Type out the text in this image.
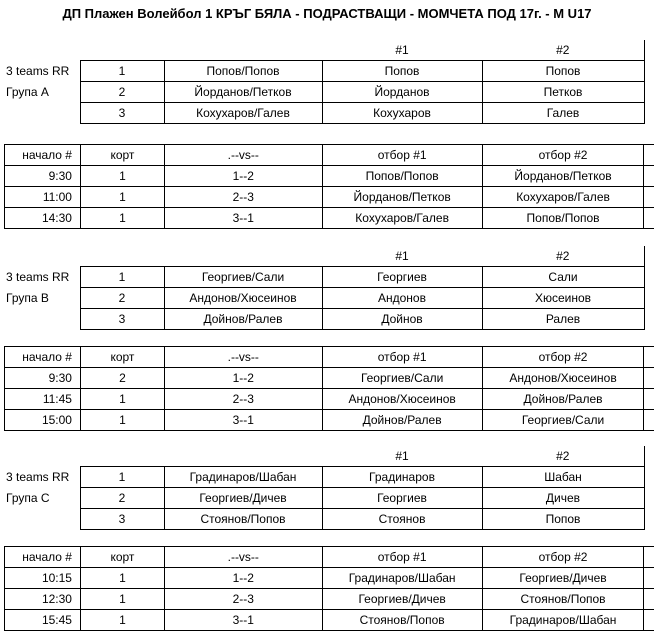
ДП Плажен Волейбол 1 КРЪГ БЯЛА - ПОДРАСТВАЩИ - МОМЧЕТА ПОД 17г. - М U17
			#1	#2	
3 teams RR	1	Попов/Попов	Попов	Попов	
Група А	2	Йорданов/Петков	Йорданов	Петков	
	3	Кохухаров/Галев	Кохухаров	Галев	
начало #	корт	.--vs--	отбор #1	отбор #2	
9:30	1	1--2	Попов/Попов	Йорданов/Петков	
11:00	1	2--3	Йорданов/Петков	Кохухаров/Галев	
14:30	1	3--1	Кохухаров/Галев	Попов/Попов	
			#1	#2	
3 teams RR	1	Георгиев/Сали	Георгиев	Сали	
Група B	2	Андонов/Хюсеинов	Андонов	Хюсеинов	
	3	Дойнов/Ралев	Дойнов	Ралев	
начало #	корт	.--vs--	отбор #1	отбор #2	
9:30	2	1--2	Георгиев/Сали	Андонов/Хюсеинов	
11:45	1	2--3	Андонов/Хюсеинов	Дойнов/Ралев	
15:00	1	3--1	Дойнов/Ралев	Георгиев/Сали	
			#1	#2	
3 teams RR	1	Градинаров/Шабан	Градинаров	Шабан	
Група C	2	Георгиев/Дичев	Георгиев	Дичев	
	3	Стоянов/Попов	Стоянов	Попов	
начало #	корт	.--vs--	отбор #1	отбор #2	
10:15	1	1--2	Градинаров/Шабан	Георгиев/Дичев	
12:30	1	2--3	Георгиев/Дичев	Стоянов/Попов	
15:45	1	3--1	Стоянов/Попов	Градинаров/Шабан	
